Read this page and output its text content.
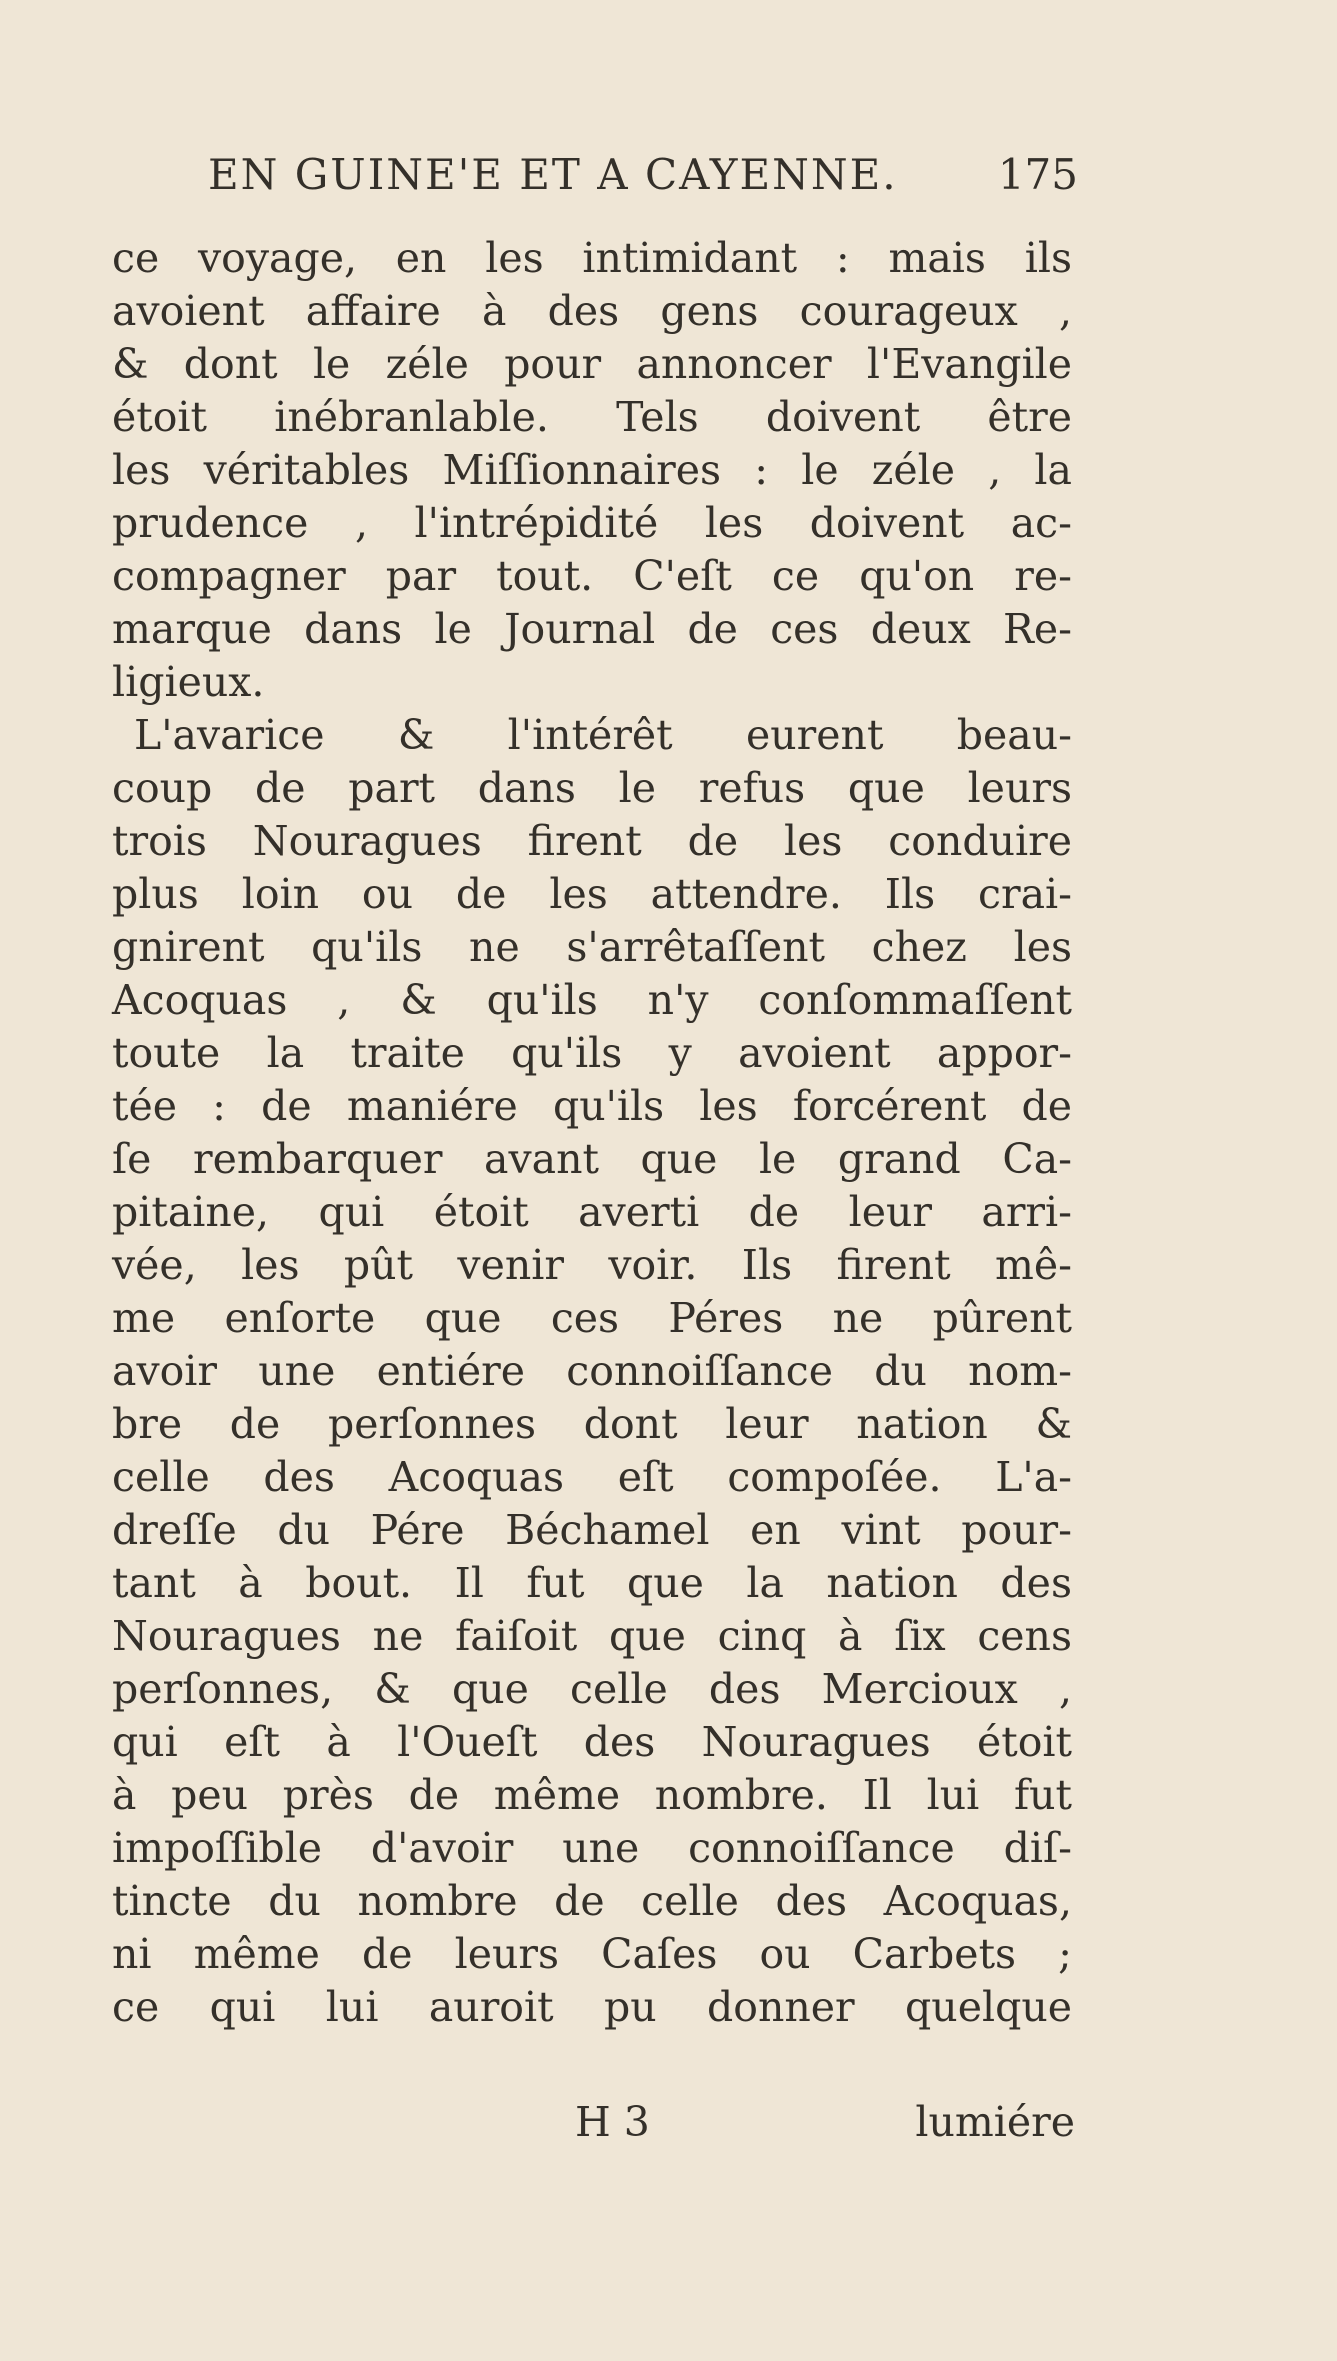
EN GUINE'E ET A CAYENNE. 175
ce voyage, en les intimidant : mais ils
avoient affaire à des gens courageux ,
& dont le zéle pour annoncer l'Evangile
étoit inébranlable. Tels doivent être
les véritables Miſſionnaires : le zéle , la
prudence , l'intrépidité les doivent ac-
compagner par tout. C'eſt ce qu'on re-
marque dans le Journal de ces deux Re-
ligieux.
L'avarice & l'intérêt eurent beau-
coup de part dans le refus que leurs
trois Nouragues firent de les conduire
plus loin ou de les attendre. Ils crai-
gnirent qu'ils ne s'arrêtaſſent chez les
Acoquas , & qu'ils n'y conſommaſſent
toute la traite qu'ils y avoient appor-
tée : de maniére qu'ils les forcérent de
ſe rembarquer avant que le grand Ca-
pitaine, qui étoit averti de leur arri-
vée, les pût venir voir. Ils firent mê-
me enſorte que ces Péres ne pûrent
avoir une entiére connoiſſance du nom-
bre de perſonnes dont leur nation &
celle des Acoquas eſt compoſée. L'a-
dreſſe du Pére Béchamel en vint pour-
tant à bout. Il fut que la nation des
Nouragues ne faiſoit que cinq à ſix cens
perſonnes, & que celle des Mercioux ,
qui eſt à l'Oueſt des Nouragues étoit
à peu près de même nombre. Il lui fut
impoſſible d'avoir une connoiſſance diſ-
tincte du nombre de celle des Acoquas,
ni même de leurs Caſes ou Carbets ;
ce qui lui auroit pu donner quelque
H 3	lumiére
